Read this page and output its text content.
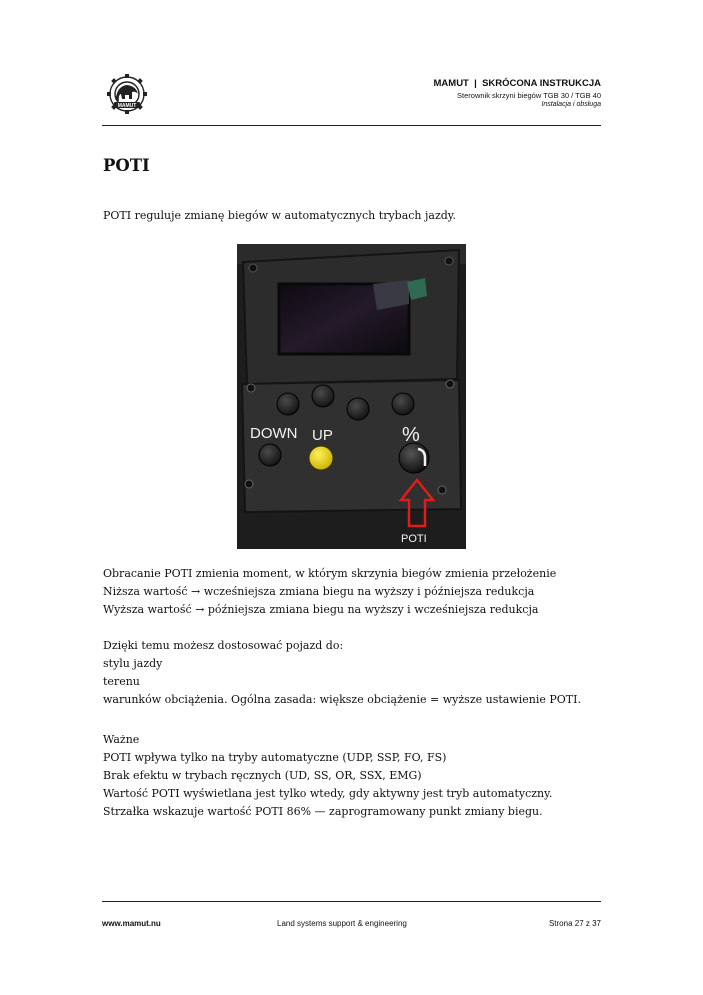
MAMUT
MAMUT  |  SKRÓCONA INSTRUKCJA
Sterownik skrzyni biegów TGB 30 / TGB 40
Instalacja i obsługa
POTI
POTI reguluje zmianę biegów w automatycznych trybach jazdy.
DOWN UP	%
POTI
Obracanie POTI zmienia moment, w którym skrzynia biegów zmienia przełożenie
Niższa wartość → wcześniejsza zmiana biegu na wyższy i późniejsza redukcja
Wyższa wartość → późniejsza zmiana biegu na wyższy i wcześniejsza redukcja
Dzięki temu możesz dostosować pojazd do:
stylu jazdy
terenu
warunków obciążenia. Ogólna zasada: większe obciążenie = wyższe ustawienie POTI.
Ważne
POTI wpływa tylko na tryby automatyczne (UDP, SSP, FO, FS)
Brak efektu w trybach ręcznych (UD, SS, OR, SSX, EMG)
Wartość POTI wyświetlana jest tylko wtedy, gdy aktywny jest tryb automatyczny.
Strzałka wskazuje wartość POTI 86% — zaprogramowany punkt zmiany biegu.
www.mamut.nu	Land systems support & engineering	Strona 27 z 37
